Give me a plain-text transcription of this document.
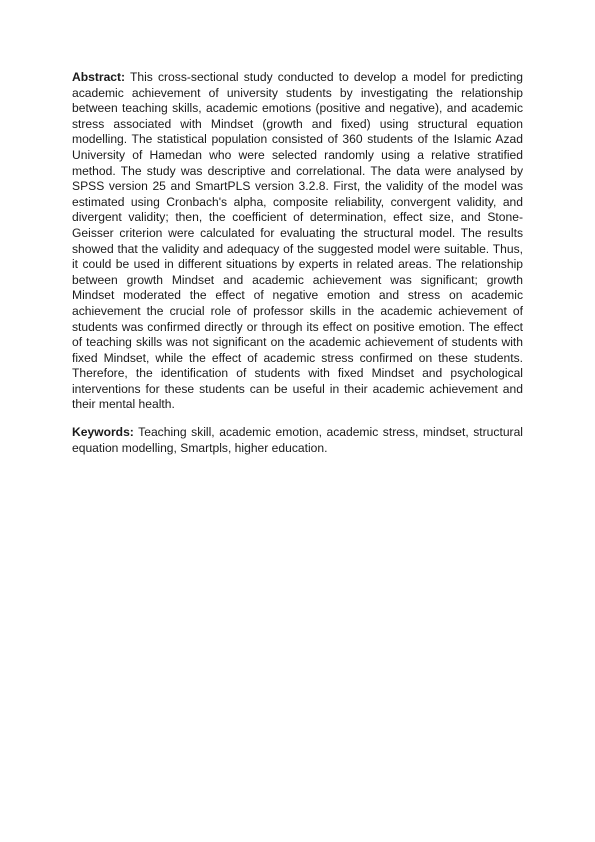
Abstract: This cross-sectional study conducted to develop a model for predicting academic achievement of university students by investigating the relationship between teaching skills, academic emotions (positive and negative), and academic stress associated with Mindset (growth and fixed) using structural equation modelling. The statistical population consisted of 360 students of the Islamic Azad University of Hamedan who were selected randomly using a relative stratified method. The study was descriptive and correlational. The data were analysed by SPSS version 25 and SmartPLS version 3.2.8. First, the validity of the model was estimated using Cronbach's alpha, composite reliability, convergent validity, and divergent validity; then, the coefficient of determination, effect size, and Stone-Geisser criterion were calculated for evaluating the structural model. The results showed that the validity and adequacy of the suggested model were suitable. Thus, it could be used in different situations by experts in related areas. The relationship between growth Mindset and academic achievement was significant; growth Mindset moderated the effect of negative emotion and stress on academic achievement the crucial role of professor skills in the academic achievement of students was confirmed directly or through its effect on positive emotion. The effect of teaching skills was not significant on the academic achievement of students with fixed Mindset, while the effect of academic stress confirmed on these students. Therefore, the identification of students with fixed Mindset and psychological interventions for these students can be useful in their academic achievement and their mental health.

Keywords: Teaching skill, academic emotion, academic stress, mindset, structural equation modelling, Smartpls, higher education.
